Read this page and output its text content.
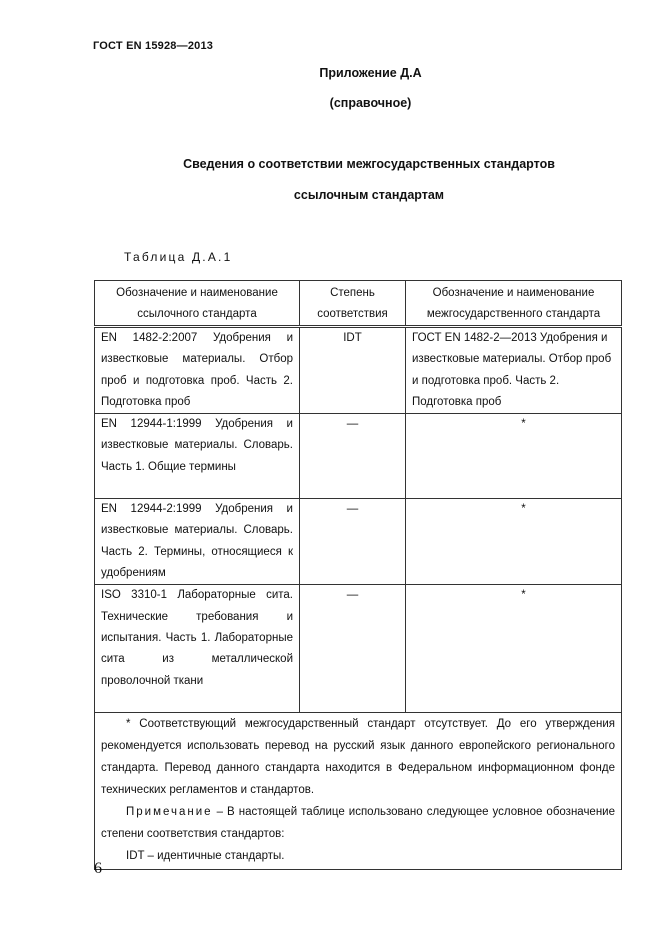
ГОСТ EN 15928—2013
Приложение Д.А
(справочное)
Сведения о соответствии межгосударственных стандартов
ссылочным стандартам
Таблица Д.А.1
Обозначение и наименование ссылочного стандарта	Степень соответствия	Обозначение и наименование межгосударственного стандарта

EN 1482-2:2007 Удобрения и известковые материалы. Отбор проб и подготовка проб. Часть 2. Подготовка проб	IDT	ГОСТ EN 1482-2—2013 Удобрения и известковые материалы. Отбор проб и подготовка проб. Часть 2. Подготовка проб

EN 12944-1:1999 Удобрения и известковые материалы. Словарь. Часть 1. Общие термины	—	*

EN 12944-2:1999 Удобрения и известковые материалы. Словарь. Часть 2. Термины, относящиеся к удобрениям	—	*

ISO 3310-1 Лабораторные сита. Технические требования и испытания. Часть 1. Лабораторные сита из металлической проволочной ткани	—	*

* Соответствующий межгосударственный стандарт отсутствует. До его утверждения рекомендуется использовать перевод на русский язык данного европейского регионального стандарта. Перевод данного стандарта находится в Федеральном информационном фонде технических регламентов и стандартов.
Примечание – В настоящей таблице использовано следующее условное обозначение степени соответствия стандартов:
IDT – идентичные стандарты.		
6
